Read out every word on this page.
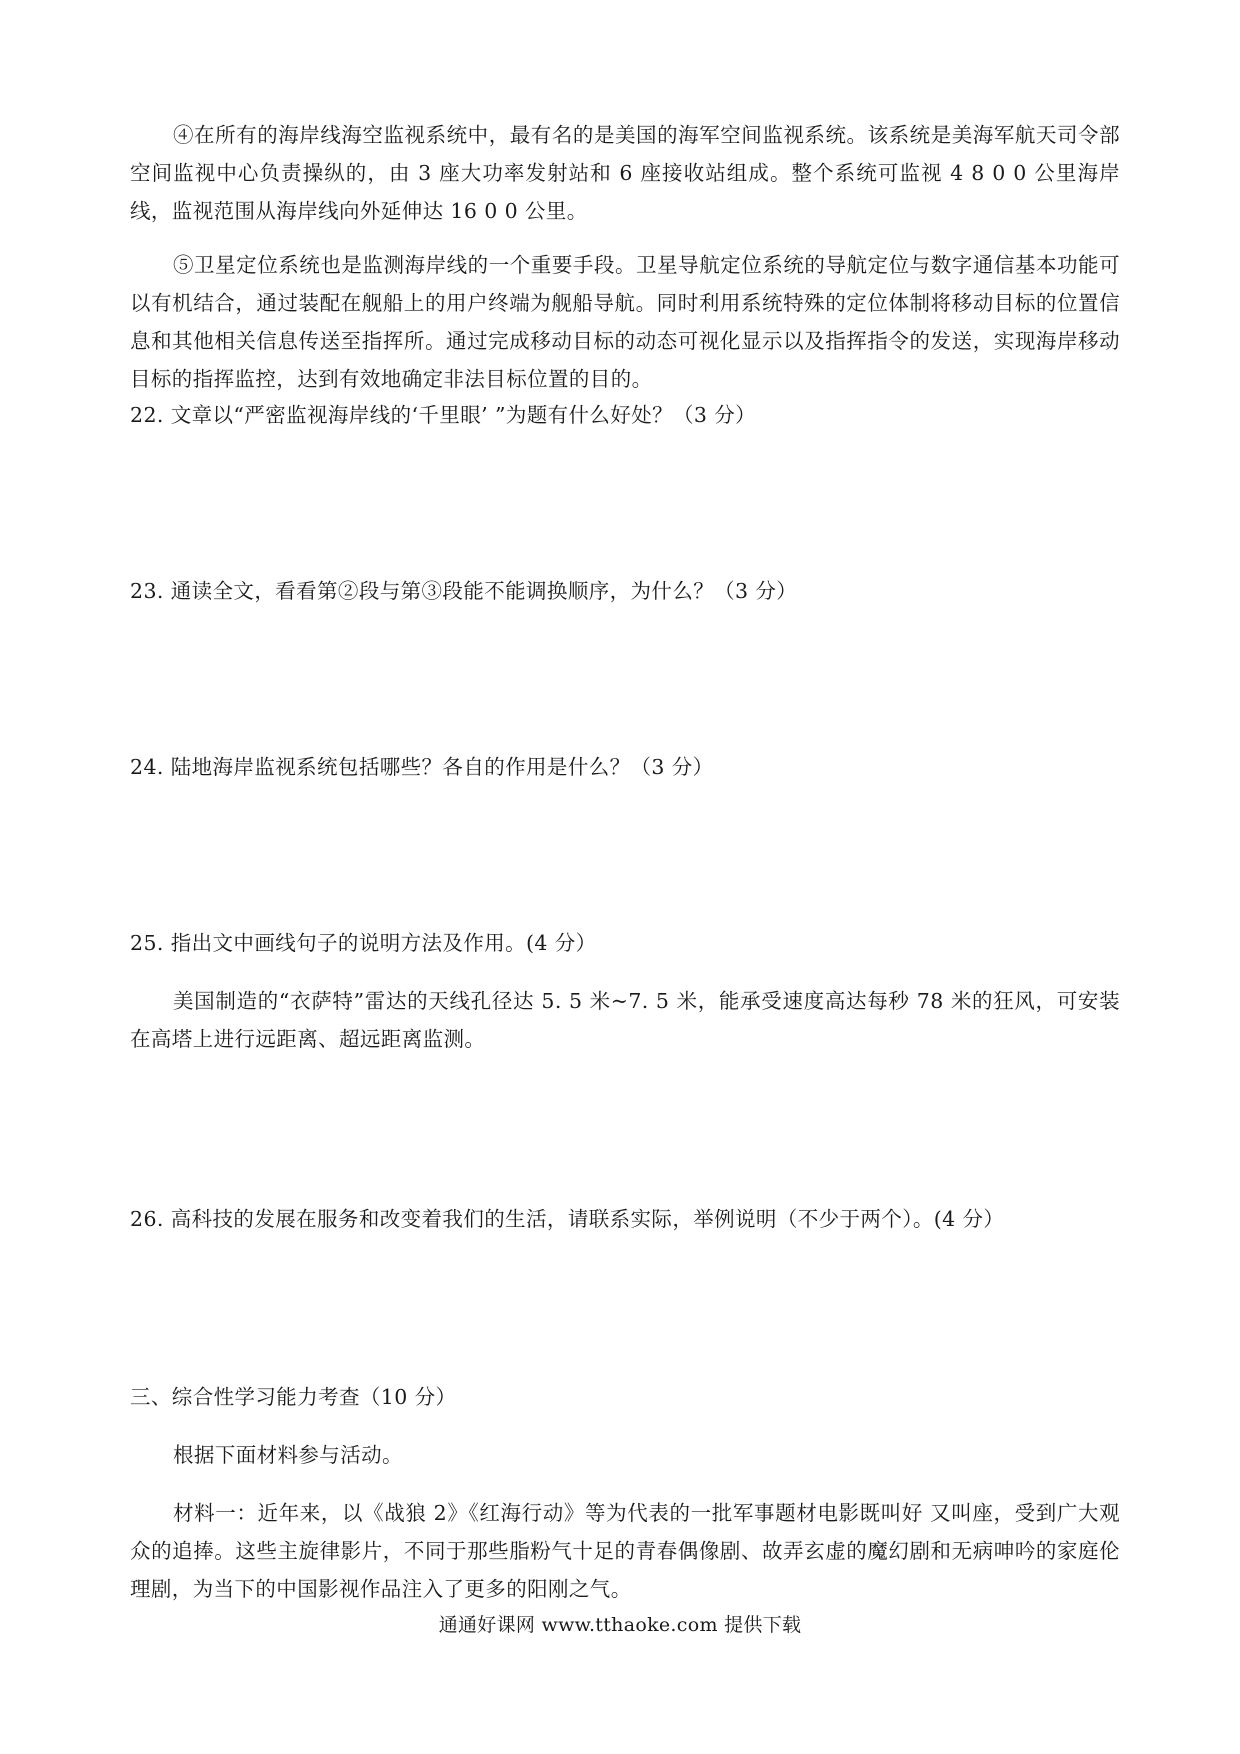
④在所有的海岸线海空监视系统中，最有名的是美国的海军空间监视系统。该系统是美海军航天司令部空间监视中心负责操纵的，由 3 座大功率发射站和 6 座接收站组成。整个系统可监视 4 8 0 0 公里海岸线，监视范围从海岸线向外延伸达 16 0 0 公里。

⑤卫星定位系统也是监测海岸线的一个重要手段。卫星导航定位系统的导航定位与数字通信基本功能可以有机结合，通过装配在舰船上的用户终端为舰船导航。同时利用系统特殊的定位体制将移动目标的位置信息和其他相关信息传送至指挥所。通过完成移动目标的动态可视化显示以及指挥指令的发送，实现海岸移动目标的指挥监控，达到有效地确定非法目标位置的目的。

22. 文章以“严密监视海岸线的‘千里眼’ ”为题有什么好处？（3 分）

23. 通读全文，看看第②段与第③段能不能调换顺序，为什么？（3 分）

24. 陆地海岸监视系统包括哪些？各自的作用是什么？（3 分）

25. 指出文中画线句子的说明方法及作用。(4 分）

美国制造的“衣萨特”雷达的天线孔径达 5. 5 米~7. 5 米，能承受速度高达每秒 78 米的狂风，可安装在高塔上进行远距离、超远距离监测。

26. 高科技的发展在服务和改变着我们的生活，请联系实际，举例说明（不少于两个）。(4 分）

三、综合性学习能力考查（10 分）

根据下面材料参与活动。

材料一：近年来，以《战狼 2》《红海行动》等为代表的一批军事题材电影既叫好 又叫座，受到广大观众的追捧。这些主旋律影片，不同于那些脂粉气十足的青春偶像剧、故弄玄虚的魔幻剧和无病呻吟的家庭伦理剧，为当下的中国影视作品注入了更多的阳刚之气。

通通好课网 www.tthaoke.com 提供下载
